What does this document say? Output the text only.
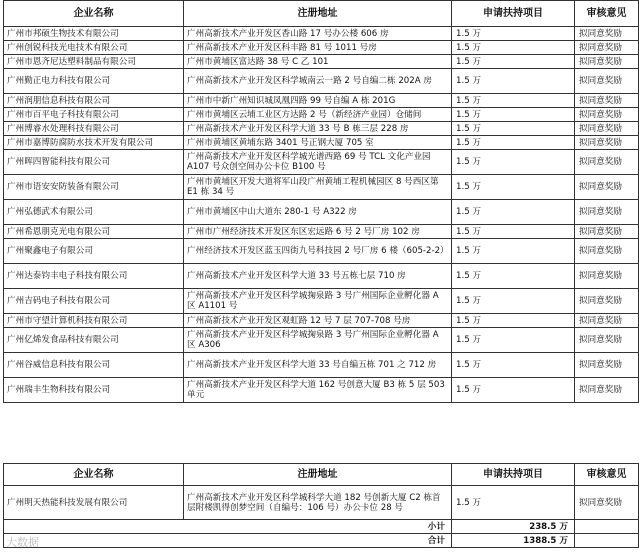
企业名称	注册地址	申请扶持项目	审核意见
广州市邦硕生物技术有限公司	广州高新技术产业开发区香山路 17 号办公楼 606 房	1.5 万	拟同意奖励
广州创锐科技光电技术有限公司	广州高新技术产业开发区科丰路 81 号 1011 号房	1.5 万	拟同意奖励
广州市恩齐尼达塑料制品有限公司	广州市黄埔区富达路 38 号 C 乙 101	1.5 万	拟同意奖励
广州勤正电力科技有限公司	广州高新技术产业开发区科学城南云一路 2 号自编二栋 202A 房	1.5 万	拟同意奖励
广州润朋信息科技有限公司	广州市中新广州知识城凤凰四路 99 号自编 A 栋 201G	1.5 万	拟同意奖励
广州市百平电子科技有限公司	广州市黄埔区云埔工业区方达路 2 号（新经济产业园）仓储间	1.5 万	拟同意奖励
广州博睿水处理科技有限公司	广州高新技术产业开发区科学大道 33 号 B 栋三层 228 房	1.5 万	拟同意奖励
广州市嘉博防腐防水技术开发有限公司	广州市黄埔区黄埔东路 3401 号正钢大厦 705 室	1.5 万	拟同意奖励
广州晖四智能科技有限公司	广州高新技术产业开发区科学城光谱西路 69 号 TCL 文化产业园 A107 号众创空间办公卡位 B100 号	1.5 万	拟同意奖励
广州市语安安防装备有限公司	广州市黄埔区开发大道将军山段广州黄埔工程机械园区 8 号西区第 E1 栋 34 号	1.5 万	拟同意奖励
广州弘德武术有限公司	广州市黄埔区中山大道东 280-1 号 A322 房	1.5 万	拟同意奖励
广州希恩朋克光电有限公司	广州市广州经济技术开发区东区宏远路 6 号 2 号厂房 102 房	1.5 万	拟同意奖励
广州聚鑫电子有限公司	广州经济技术开发区蓝玉四街九号科技园 2 号厂房 6 楼（605-2-2）	1.5 万	拟同意奖励
广州达泰钧丰电子科技有限公司	广州高新技术产业开发区科学大道 33 号五栋七层 710 房	1.5 万	拟同意奖励
广州吉码电子科技有限公司	广州高新技术产业开发区科学城掬泉路 3 号广州国际企业孵化器 A 区 A1101 号	1.5 万	拟同意奖励
广州市守望计算机科技有限公司	广州高新技术产业开发区观虹路 12 号 7 层 707-708 号房	1.5 万	拟同意奖励
广州亿烯发食品科技有限公司	广州高新技术产业开发区科学城掬泉路 3 号广州国际企业孵化器 A 区 A306	1.5 万	拟同意奖励
广州谷威信息科技有限公司	广州高新技术产业开发区科学大道 33 号自编五栋 701 之 712 房	1.5 万	拟同意奖励
广州瑞丰生物科技有限公司	广州高新技术产业开发区科学大道 162 号创意大厦 B3 栋 5 层 503 单元	1.5 万	拟同意奖励
企业名称	注册地址	申请扶持项目	审核意见
广州明天热能科技发展有限公司	广州高新技术产业开发区科学城科学大道 182 号创新大厦 C2 栋首层附楼凯得创梦空间（自编号：106 号）办公卡位 28 号	1.5 万	拟同意奖励
小计		238.5 万	
合计		1388.5 万	
大数据
